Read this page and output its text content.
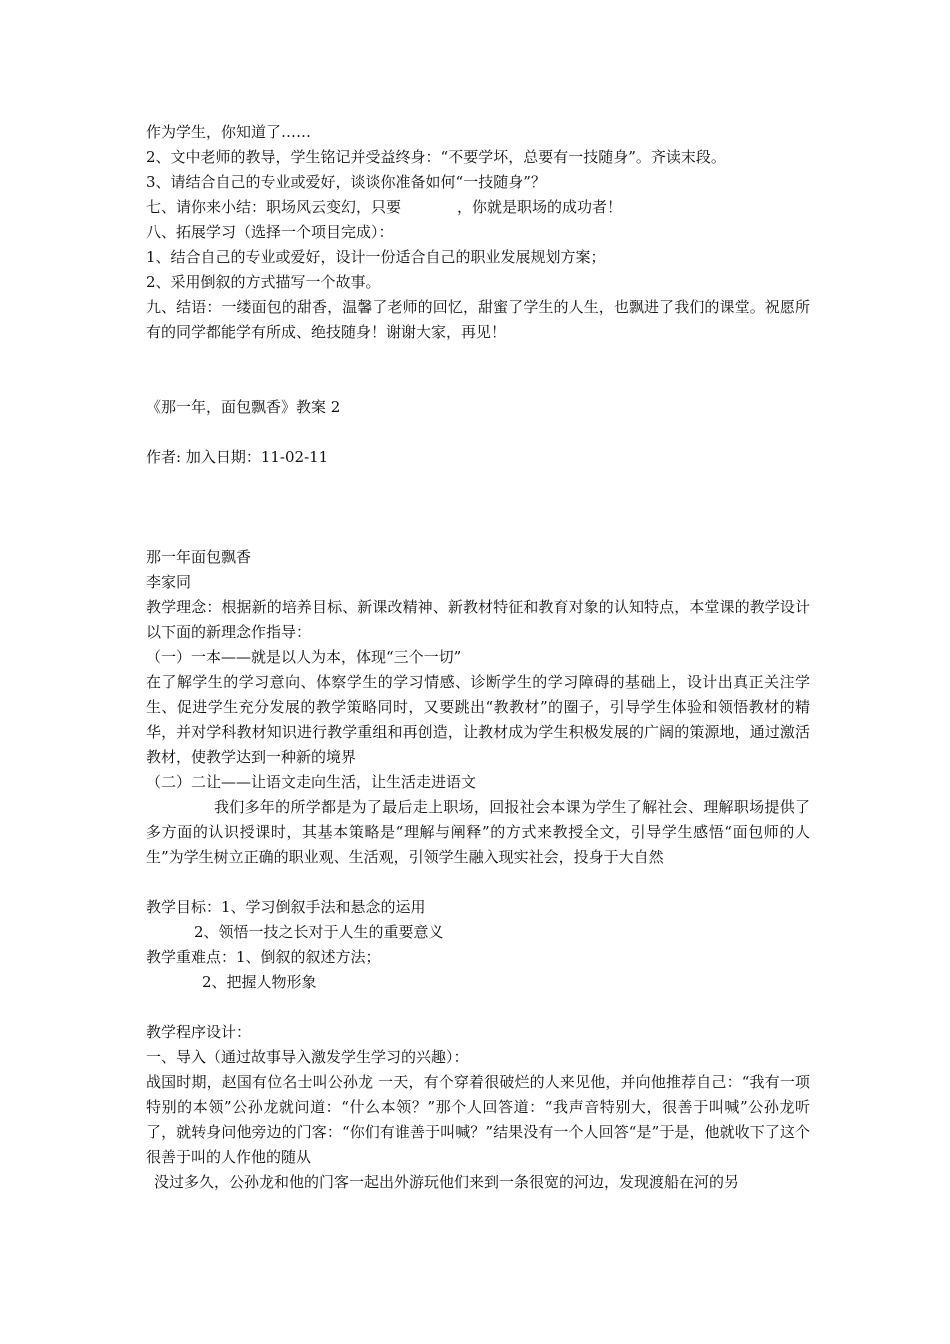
作为学生，你知道了……
2、文中老师的教导，学生铭记并受益终身：“不要学坏，总要有一技随身”。齐读末段。
3、请结合自己的专业或爱好，谈谈你准备如何“一技随身”？
七、请你来小结：职场风云变幻，只要	，你就是职场的成功者！
八、拓展学习（选择一个项目完成）：
1、结合自己的专业或爱好，设计一份适合自己的职业发展规划方案；
2、采用倒叙的方式描写一个故事。
九、结语：一缕面包的甜香，温馨了老师的回忆，甜蜜了学生的人生，也飘进了我们的课堂。祝愿所有的同学都能学有所成、绝技随身！谢谢大家，再见！
《那一年，面包飘香》教案 2
作者: 加入日期：11-02-11
那一年面包飘香
李家同
教学理念：根据新的培养目标、新课改精神、新教材特征和教育对象的认知特点，本堂课的教学设计以下面的新理念作指导：
（一）一本——就是以人为本，体现“三个一切”
在了解学生的学习意向、体察学生的学习情感、诊断学生的学习障碍的基础上，设计出真正关注学生、促进学生充分发展的教学策略同时，又要跳出“教教材”的圈子，引导学生体验和领悟教材的精华，并对学科教材知识进行教学重组和再创造，让教材成为学生积极发展的广阔的策源地，通过激活教材，使教学达到一种新的境界
（二）二让——让语文走向生活，让生活走进语文
我们多年的所学都是为了最后走上职场，回报社会本课为学生了解社会、理解职场提供了多方面的认识授课时，其基本策略是“理解与阐释”的方式来教授全文，引导学生感悟“面包师的人生”为学生树立正确的职业观、生活观，引领学生融入现实社会，投身于大自然
教学目标：1、学习倒叙手法和悬念的运用
2、领悟一技之长对于人生的重要意义
教学重难点：1、倒叙的叙述方法；
2、把握人物形象
教学程序设计：
一、导入（通过故事导入激发学生学习的兴趣）：
战国时期，赵国有位名士叫公孙龙 一天，有个穿着很破烂的人来见他，并向他推荐自己：“我有一项特别的本领”公孙龙就问道：“什么本领？”那个人回答道：“我声音特别大，很善于叫喊”公孙龙听了，就转身问他旁边的门客：“你们有谁善于叫喊？”结果没有一个人回答“是”于是，他就收下了这个很善于叫的人作他的随从
没过多久，公孙龙和他的门客一起出外游玩他们来到一条很宽的河边，发现渡船在河的另
